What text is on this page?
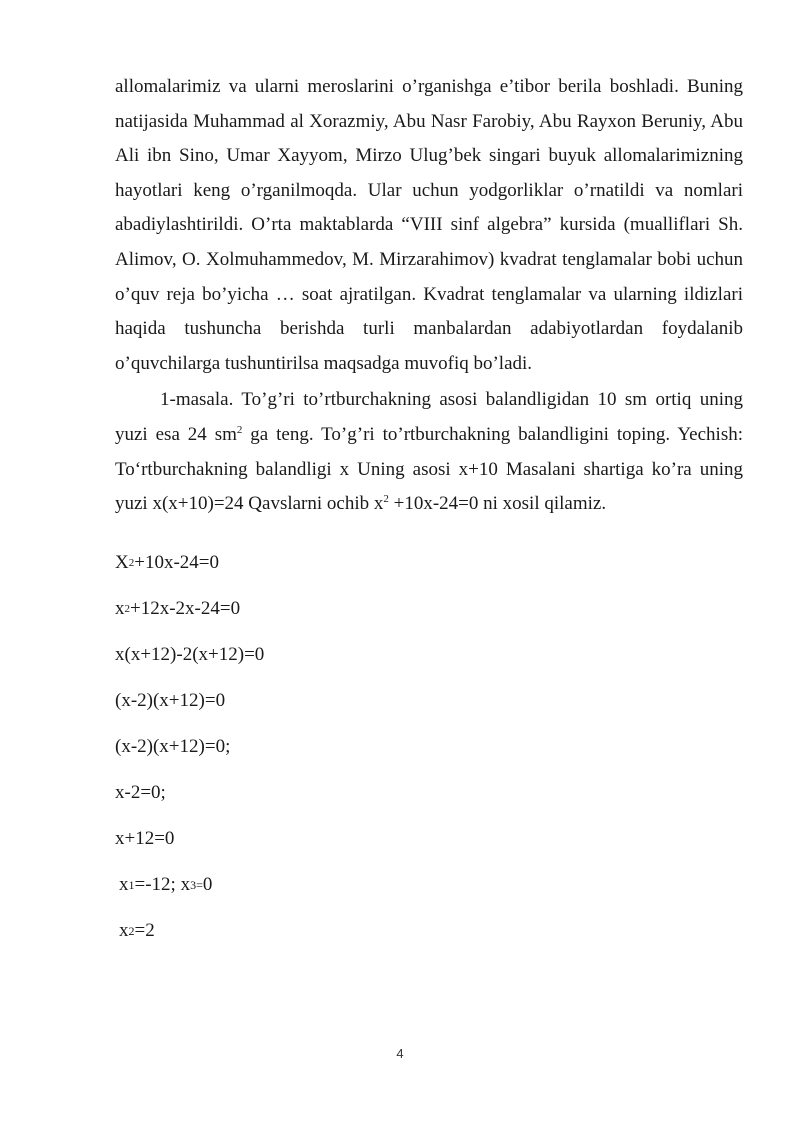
allomalarimiz va ularni meroslarini o’rganishga e’tibor berila boshladi. Buning natijasida Muhammad al Xorazmiy, Abu Nasr Farobiy, Abu Rayxon Beruniy, Abu Ali ibn Sino, Umar Xayyom, Mirzo Ulug’bek singari buyuk allomalarimizning hayotlari keng o’rganilmoqda. Ular uchun yodgorliklar o’rnatildi va nomlari abadiylashtirildi. O’rta maktablarda “VIII sinf algebra” kursida (mualliflari Sh. Alimov, O. Xolmuhammedov, M. Mirzarahimov) kvadrat tenglamalar bobi uchun o’quv reja bo’yicha … soat ajratilgan. Kvadrat tenglamalar va ularning ildizlari haqida tushuncha berishda turli manbalardan adabiyotlardan foydalanib o’quvchilarga tushuntirilsa maqsadga muvofiq bo’ladi.

1-masala. To’g’ri to’rtburchakning asosi balandligidan 10 sm ortiq uning yuzi esa 24 $sm^2$ ga teng. To’g’ri to’rtburchakning balandligini toping. Yechish: To‘rtburchakning balandligi x Uning asosi x+10 Masalani shartiga ko’ra uning yuzi x(x+10)=24 Qavslarni ochib $x^2 +10x-24=0$ ni xosil qilamiz.

X 2 +10x-24=0

x 2 +12x-2x-24=0

x(x+12)-2(x+12)=0

(x-2)(x+12)=0

(x-2)(x+12)=0;

x-2=0;

x+12=0

x 1 =-12; x 3= 0

x 2 =2

4
